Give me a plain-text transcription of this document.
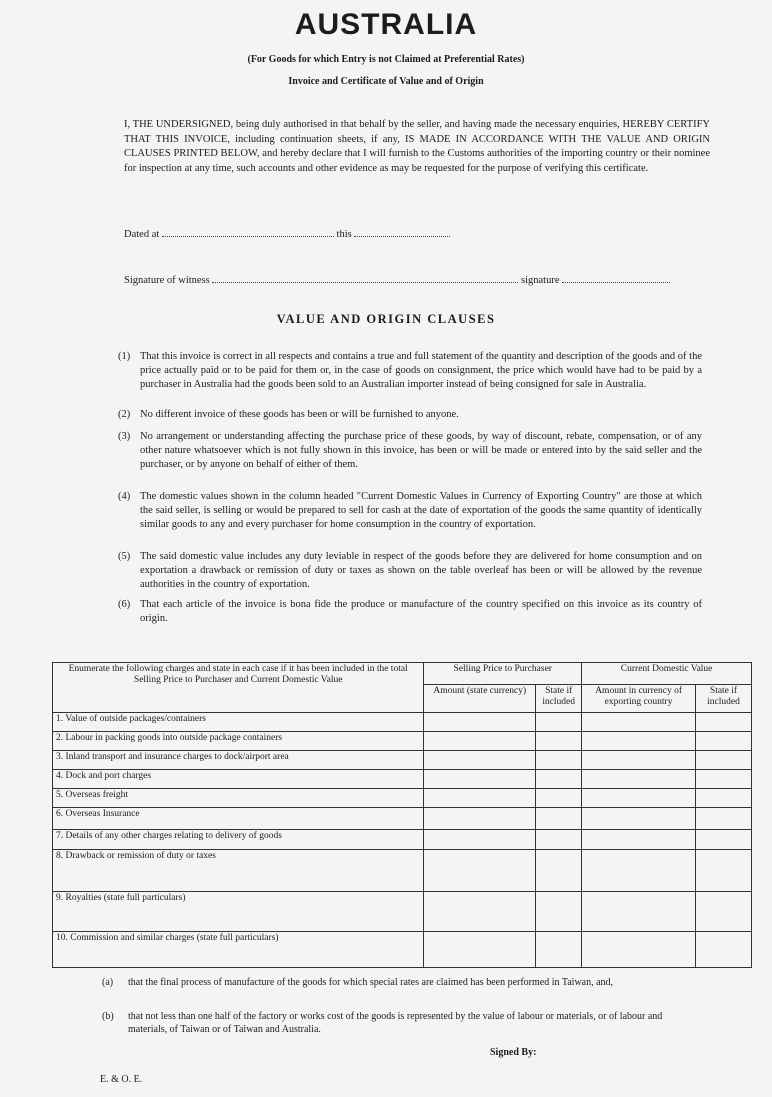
AUSTRALIA
(For Goods for which Entry is not Claimed at Preferential Rates)
Invoice and Certificate of Value and of Origin
I, THE UNDERSIGNED, being duly authorised in that behalf by the seller, and having made the necessary enquiries, HEREBY CERTIFY THAT THIS INVOICE, including continuation sheets, if any, IS MADE IN ACCORDANCE WITH THE VALUE AND ORIGIN CLAUSES PRINTED BELOW, and hereby declare that I will furnish to the Customs authorities of the importing country or their nominee for inspection at any time, such accounts and other evidence as may be requested for the purpose of verifying this certificate.
Dated at	this
Signature of witness	signature
VALUE AND ORIGIN CLAUSES
(1) That this invoice is correct in all respects and contains a true and full statement of the quantity and description of the goods and of the price actually paid or to be paid for them or, in the case of goods on consignment, the price which would have had to be paid by a purchaser in Australia had the goods been sold to an Australian importer instead of being consigned for sale in Australia.
(2) No different invoice of these goods has been or will be furnished to anyone.
(3) No arrangement or understanding affecting the purchase price of these goods, by way of discount, rebate, compensation, or of any other nature whatsoever which is not fully shown in this invoice, has been or will be made or entered into by the said seller and the purchaser, or by anyone on behalf of either of them.
(4) The domestic values shown in the column headed "Current Domestic Values in Currency of Exporting Country" are those at which the said seller, is selling or would be prepared to sell for cash at the date of exportation of the goods the same quantity of identically similar goods to any and every purchaser for home consumption in the country of exportation.
(5) The said domestic value includes any duty leviable in respect of the goods before they are delivered for home consumption and on exportation a drawback or remission of duty or taxes as shown on the table overleaf has been or will be allowed by the revenue authorities in the country of exportation.
(6) That each article of the invoice is bona fide the produce or manufacture of the country specified on this invoice as its country of origin.
Enumerate the following charges and state in each case if it has been included in the total Selling Price to Purchaser and Current Domestic Value	Selling Price to Purchaser		Current Domestic Value	
	Amount (state currency)	State if included	Amount in currency of exporting country	State if included
1. Value of outside packages/containers				
2. Labour in packing goods into outside package containers				
3. Inland transport and insurance charges to dock/airport area				
4. Dock and port charges				
5. Overseas freight			

6. Overseas Insurance			

7. Details of any other charges relating to delivery of goods				
8. Drawback or remission of duty or taxes	

9. Royalties (state full particulars)				
10. Commission and similar charges (state full particulars)				
(a)	that the final process of manufacture of the goods for which special rates are claimed has been performed in Taiwan, and,
(b)	that not less than one half of the factory or works cost of the goods is represented by the value of labour or materials, or of labour and materials, of Taiwan or of Taiwan and Australia.
Signed By:
E. & O. E.
